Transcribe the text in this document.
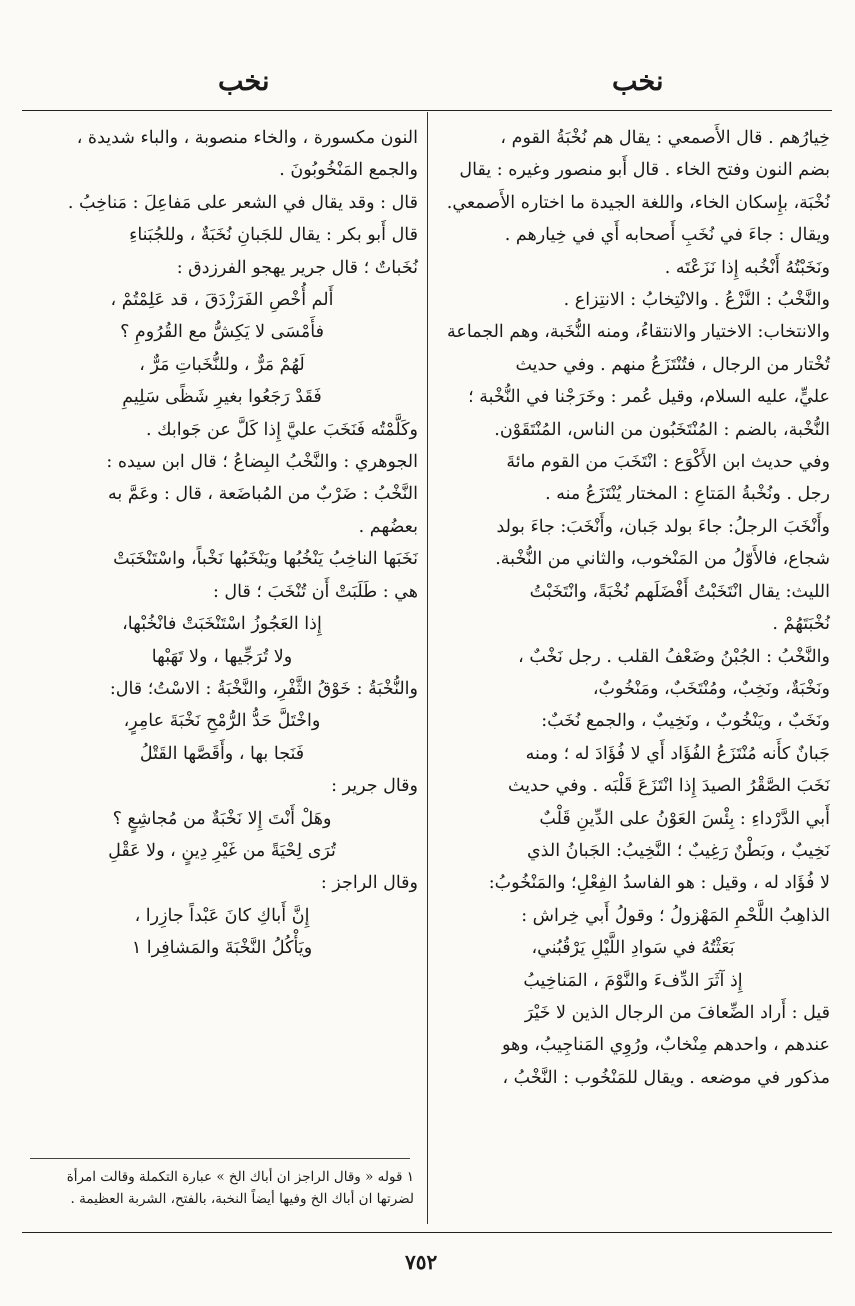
نخب	نخب

خِيارُهم . قال الأَصمعي : يقال هم نُخْبَةُ القوم ،

بضم النون وفتح الخاء . قال أَبو منصور وغيره : يقال

نُخْبَة، بإِسكان الخاء، واللغة الجيدة ما اختاره الأَصمعي.

ويقال : جاءَ في نُخَبِ أَصحابه أَي في خِيارهم .

ونَخَبْتُهُ أَنْخُبه إِذا نَزَعْتَه .

والنَّخْبُ : النَّزْعُ . والانْتِخابُ : الانتِزاع .

والانتخاب: الاختيار والانتقاءُ، ومنه النُّخَبة، وهم الجماعة

تُخْتار من الرجال ، فتُنْتَزَعُ منهم . وفي حديث

عليٍّ، عليه السلام، وقيل عُمر : وخَرَجْنا في النُّخْبة ؛

النُّخْبة، بالضم : المُنْتَخَبُون من الناس، المُنْتَقَوْن.

وفي حديث ابن الأَكْوَع : انْتَخَبَ من القوم مائةَ

رجل . ونُخْبةُ المَتاعِ : المختار يُنْتَزَعُ منه .

وأَنْخَبَ الرجلُ: جاءَ بولد جَبان، وأَنْخَبَ: جاءَ بولد

شجاع، فالأَوّلُ من المَنْخوب، والثاني من النُّخْبة.

الليث: يقال انْتَخَبْتُ أَفْضَلَهم نُخْبَةً، وانْتَخَبْتُ

نُخْبَتَهُمْ .

والنَّخْبُ : الجُبْنُ وضَعْفُ القلب . رجل نَخْبٌ ،

ونَخْبَةٌ، ونَخِبٌ، ومُنْتَخَبٌ، ومَنْخُوبٌ،

ونَخَبٌ ، ويَنْخُوبٌ ، ونَخِيبٌ ، والجمع نُخَبٌ:

جَبانٌ كأَنه مُنْتَزَعُ الفُؤَاد أَي لا فُؤَادَ له ؛ ومنه

نَخَبَ الصَّقْرُ الصيدَ إِذا انْتَزَعَ قَلْبَه . وفي حديث

أَبي الدَّرْداءِ : بِئْسَ العَوْنُ على الدِّينِ قَلْبٌ

نَخِيبٌ ، وبَطْنٌ رَغِيبٌ ؛ النَّخِيبُ: الجَبانُ الذي

لا فُؤَاد له ، وقيل : هو الفاسدُ الفِعْلِ؛ والمَنْخُوبُ:

الذاهِبُ اللَّحْمِ المَهْزولُ ؛ وقولُ أَبي خِراش :

بَعَثْتُهُ في سَوادِ اللَّيْلِ يَرْقُبُني،

إِذ آثَرَ الدِّفءَ والنَّوْمَ ، المَناخِيبُ

قيل : أَراد الضِّعافَ من الرجال الذين لا خَيْرَ

عندهم ، واحدهم مِنْخابٌ، ورُوِي المَناجِيبُ، وهو

مذكور في موضعه . ويقال للمَنْخُوب : النَّخْبُ ،

النون مكسورة ، والخاء منصوبة ، والباء شديدة ،

والجمع المَنْخُوبُونَ .

قال : وقد يقال في الشعر على مَفاعِلَ : مَناخِبُ .

قال أَبو بكر : يقال للجَبانِ نُخَبَةٌ ، وللجُبَناءِ

نُخَباتٌ ؛ قال جرير يهجو الفرزدق :

أَلم أُخْصِ الفَرَزْدَقَ ، قد عَلِمْتُمْ ،

فأَمْسَى لا يَكِشُّ مع القُرُومِ ؟

لَهُمْ مَرٌّ ، وللنُّخَباتِ مَرٌّ ،

فَقَدْ رَجَعُوا بغيرِ شَظًى سَلِيمِ

وكَلَّمْتُه فَنَخَبَ عليَّ إِذا كَلَّ عن جَوابك .

الجوهري : والنَّخْبُ البِضاعُ ؛ قال ابن سيده :

النَّخْبُ : ضَرْبٌ من المُباضَعة ، قال : وعَمَّ به

بعضُهم .

نَخَبَها الناخِبُ يَنْخُبُها ويَنْخَبُها نَخْباً، واسْتَنْخَبَتْ

هي : طَلَبَتْ أَن تُنْخَبَ ؛ قال :

إِذا العَجُوزُ اسْتَنْخَبَتْ فانْخُبْها،

ولا تُرَجِّيها ، ولا تَهَبْها

والنُّخْبَةُ : خَوْقُ الثَّفْرِ، والنَّخْبَةُ : الاسْتُ؛ قال:

واخْتَلَّ حَدُّ الرُّمْحِ نَخْبَةَ عامِرٍ،

فَنَجا بها ، وأَقَصَّها القَتْلُ

وقال جرير :

وهَلْ أَنْتَ إِلا نَخْبَةٌ من مُجاشِعٍ ؟

تُرَى لِحْيَةً من غَيْرِ دِينٍ ، ولا عَقْلِ

وقال الراجز :

إِنَّ أَباكِ كانَ عَبْداً جازِرا ،

ويَأْكُلُ النَّخْبَةَ والمَشافِرا ١

١ قوله « وقال الراجز ان أباك الخ » عبارة التكملة وقالت امرأة

لضرتها ان أباك الخ وفيها أيضاً النخبة، بالفتح، الشربة العظيمة .

٧٥٢
